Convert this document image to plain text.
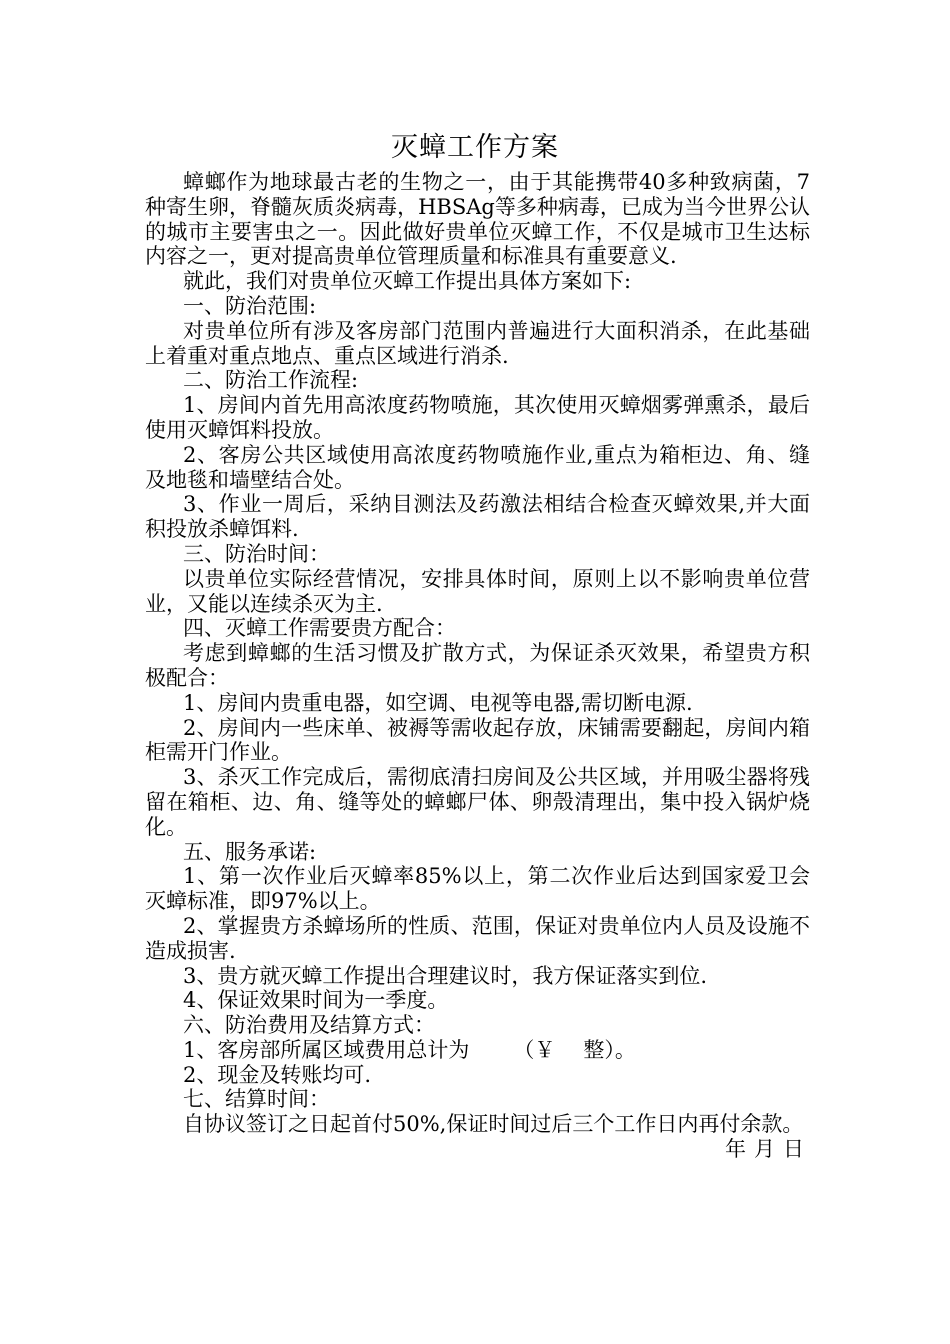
灭蟑工作方案

蟑螂作为地球最古老的生物之一，由于其能携带40多种致病菌，7种寄生卵，脊髓灰质炎病毒，HBSAg等多种病毒，已成为当今世界公认的城市主要害虫之一。因此做好贵单位灭蟑工作，不仅是城市卫生达标内容之一，更对提高贵单位管理质量和标准具有重要意义.

就此，我们对贵单位灭蟑工作提出具体方案如下:

一、防治范围:

对贵单位所有涉及客房部门范围内普遍进行大面积消杀，在此基础上着重对重点地点、重点区域进行消杀.

二、防治工作流程:

1、房间内首先用高浓度药物喷施，其次使用灭蟑烟雾弹熏杀，最后使用灭蟑饵料投放。

2、客房公共区域使用高浓度药物喷施作业,重点为箱柜边、角、缝及地毯和墙壁结合处。

3、作业一周后，采纳目测法及药激法相结合检查灭蟑效果,并大面积投放杀蟑饵料.

三、防治时间：

以贵单位实际经营情况，安排具体时间，原则上以不影响贵单位营业，又能以连续杀灭为主.

四、灭蟑工作需要贵方配合：

考虑到蟑螂的生活习惯及扩散方式，为保证杀灭效果，希望贵方积极配合：

1、房间内贵重电器，如空调、电视等电器,需切断电源.

2、房间内一些床单、被褥等需收起存放，床铺需要翻起，房间内箱柜需开门作业。

3、杀灭工作完成后，需彻底清扫房间及公共区域，并用吸尘器将残留在箱柜、边、角、缝等处的蟑螂尸体、卵殼清理出，集中投入锅炉烧化。

五、服务承诺:

1、第一次作业后灭蟑率85%以上，第二次作业后达到国家爱卫会灭蟑标准，即97%以上。

2、掌握贵方杀蟑场所的性质、范围，保证对贵单位内人员及设施不造成损害.

3、贵方就灭蟑工作提出合理建议时，我方保证落实到位.

4、保证效果时间为一季度。

六、防治费用及结算方式：

1、客房部所属区域费用总计为 （￥ 整）。

2、现金及转账均可.

七、结算时间：

自协议签订之日起首付50%,保证时间过后三个工作日内再付余款。

年 月 日
